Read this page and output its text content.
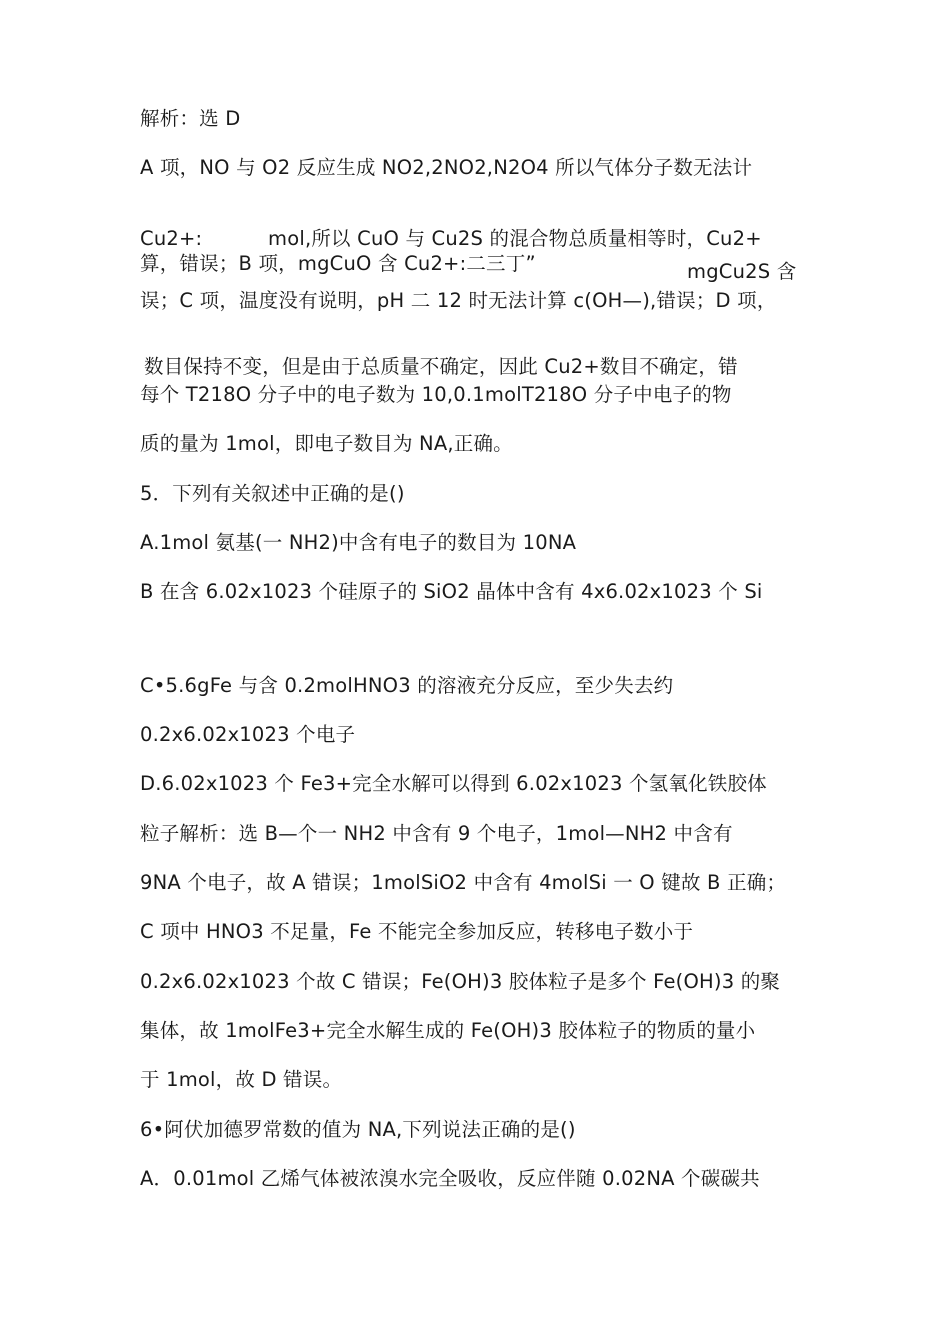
解析：选 D
A 项，NO 与 O2 反应生成 NO2,2NO2,N2O4 所以气体分子数无法计
Cu2+:	mol,所以 CuO 与 Cu2S 的混合物总质量相等时，Cu2+
算，错误；B 项，mgCuO 含 Cu2+:二三丁”	mgCu2S 含
误；C 项，温度没有说明，pH 二 12 时无法计算 c(OH—),错误；D 项，
数目保持不变，但是由于总质量不确定，因此 Cu2+数目不确定，错
每个 T218O 分子中的电子数为 10,0.1molT218O 分子中电子的物
质的量为 1mol，即电子数目为 NA,正确。
5．下列有关叙述中正确的是()
A.1mol 氨基(一 NH2)中含有电子的数目为 10NA
B 在含 6.02x1023 个硅原子的 SiO2 晶体中含有 4x6.02x1023 个 Si
C•5.6gFe 与含 0.2molHNO3 的溶液充分反应，至少失去约
0.2x6.02x1023 个电子
D.6.02x1023 个 Fe3+完全水解可以得到 6.02x1023 个氢氧化铁胶体
粒子解析：选 B—个一 NH2 中含有 9 个电子，1mol—NH2 中含有
9NA 个电子，故 A 错误；1molSiO2 中含有 4molSi 一 O 键故 B 正确；
C 项中 HNO3 不足量，Fe 不能完全参加反应，转移电子数小于
0.2x6.02x1023 个故 C 错误；Fe(OH)3 胶体粒子是多个 Fe(OH)3 的聚
集体，故 1molFe3+完全水解生成的 Fe(OH)3 胶体粒子的物质的量小
于 1mol，故 D 错误。
6•阿伏加德罗常数的值为 NA,下列说法正确的是()
A．0.01mol 乙烯气体被浓溴水完全吸收，反应伴随 0.02NA 个碳碳共
